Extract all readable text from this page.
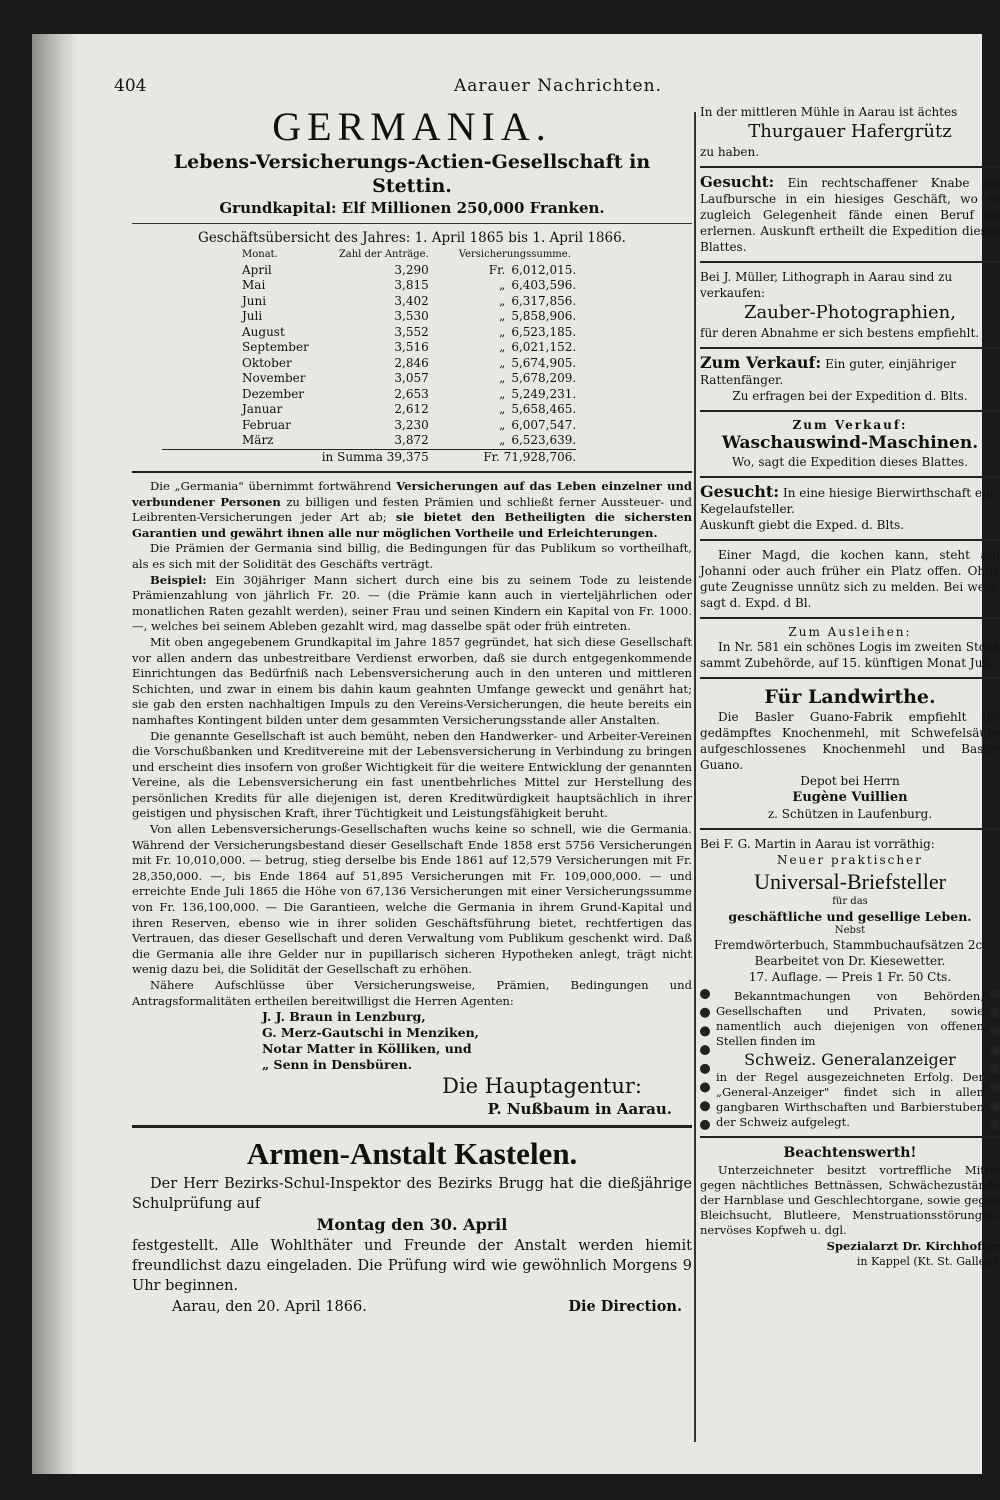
404	Aarauer Nachrichten.
GERMANIA.
Lebens-Versicherungs-Actien-Gesellschaft in Stettin.
Grundkapital: Elf Millionen 250,000 Franken.
Geschäftsübersicht des Jahres: 1. April 1865 bis 1. April 1866.
Monat.	Zahl der Anträge.	Versicherungssumme.	
April	3,290	Fr.	6,012,015.
Mai	3,815	„	6,403,596.
Juni	3,402	„	6,317,856.
Juli	3,530	„	5,858,906.
August	3,552	„	6,523,185.
September	3,516	„	6,021,152.
Oktober	2,846	„	5,674,905.
November	3,057	„	5,678,209.
Dezember	2,653	„	5,249,231.
Januar	2,612	„	5,658,465.
Februar	3,230	„	6,007,547.
März	3,872	„	6,523,639.
in Summa 39,375		Fr. 71,928,706.	

Die „Germania" übernimmt fortwährend Versicherungen auf das Leben einzelner und verbundener Personen zu billigen und festen Prämien und schließt ferner Aussteuer- und Leibrenten-Versicherungen jeder Art ab; sie bietet den Betheiligten die sichersten Garantien und gewährt ihnen alle nur möglichen Vortheile und Erleichterungen.

Die Prämien der Germania sind billig, die Bedingungen für das Publikum so vortheilhaft, als es sich mit der Solidität des Geschäfts verträgt.

Beispiel: Ein 30jähriger Mann sichert durch eine bis zu seinem Tode zu leistende Prämienzahlung von jährlich Fr. 20. — (die Prämie kann auch in vierteljährlichen oder monatlichen Raten gezahlt werden), seiner Frau und seinen Kindern ein Kapital von Fr. 1000. —, welches bei seinem Ableben gezahlt wird, mag dasselbe spät oder früh eintreten.

Mit oben angegebenem Grundkapital im Jahre 1857 gegründet, hat sich diese Gesellschaft vor allen andern das unbestreitbare Verdienst erworben, daß sie durch entgegenkommende Einrichtungen das Bedürfniß nach Lebensversicherung auch in den unteren und mittleren Schichten, und zwar in einem bis dahin kaum geahnten Umfange geweckt und genährt hat; sie gab den ersten nachhaltigen Impuls zu den Vereins-Versicherungen, die heute bereits ein namhaftes Kontingent bilden unter dem gesammten Versicherungsstande aller Anstalten.

Die genannte Gesellschaft ist auch bemüht, neben den Handwerker- und Arbeiter-Vereinen die Vorschußbanken und Kreditvereine mit der Lebensversicherung in Verbindung zu bringen und erscheint dies insofern von großer Wichtigkeit für die weitere Entwicklung der genannten Vereine, als die Lebensversicherung ein fast unentbehrliches Mittel zur Herstellung des persönlichen Kredits für alle diejenigen ist, deren Kreditwürdigkeit hauptsächlich in ihrer geistigen und physischen Kraft, ihrer Tüchtigkeit und Leistungsfähigkeit beruht.

Von allen Lebensversicherungs-Gesellschaften wuchs keine so schnell, wie die Germania. Während der Versicherungsbestand dieser Gesellschaft Ende 1858 erst 5756 Versicherungen mit Fr. 10,010,000. — betrug, stieg derselbe bis Ende 1861 auf 12,579 Versicherungen mit Fr. 28,350,000. —, bis Ende 1864 auf 51,895 Versicherungen mit Fr. 109,000,000. — und erreichte Ende Juli 1865 die Höhe von 67,136 Versicherungen mit einer Versicherungssumme von Fr. 136,100,000. — Die Garantieen, welche die Germania in ihrem Grund-Kapital und ihren Reserven, ebenso wie in ihrer soliden Geschäftsführung bietet, rechtfertigen das Vertrauen, das dieser Gesellschaft und deren Verwaltung vom Publikum geschenkt wird. Daß die Germania alle ihre Gelder nur in pupillarisch sicheren Hypotheken anlegt, trägt nicht wenig dazu bei, die Solidität der Gesellschaft zu erhöhen.

Nähere Aufschlüsse über Versicherungsweise, Prämien, Bedingungen und Antragsformalitäten ertheilen bereitwilligst die Herren Agenten:

J. J. Braun in Lenzburg,
G. Merz-Gautschi in Menziken,
Notar Matter in Kölliken, und
„ Senn in Densbüren.
Die Hauptagentur:
P. Nußbaum in Aarau.
Armen-Anstalt Kastelen.

Der Herr Bezirks-Schul-Inspektor des Bezirks Brugg hat die dießjährige Schulprüfung auf

Montag den 30. April

festgestellt. Alle Wohlthäter und Freunde der Anstalt werden hiemit freundlichst dazu eingeladen. Die Prüfung wird wie gewöhnlich Morgens 9 Uhr beginnen.

Aarau, den 20. April 1866.	Die Direction.

In der mittleren Mühle in Aarau ist ächtes

Thurgauer Hafergrütz

zu haben.

Gesucht: Ein rechtschaffener Knabe als Laufbursche in ein hiesiges Geschäft, wo er zugleich Gelegenheit fände einen Beruf zu erlernen. Auskunft ertheilt die Expedition dieses Blattes.

Bei J. Müller, Lithograph in Aarau sind zu verkaufen:

Zauber-Photographien,

für deren Abnahme er sich bestens empfiehlt.

Zum Verkauf: Ein guter, einjähriger Rattenfänger.

Zu erfragen bei der Expedition d. Blts.

Zum Verkauf:
Waschauswind-Maschinen.

Wo, sagt die Expedition dieses Blattes.

Gesucht: In eine hiesige Bierwirthschaft ein Kegelaufsteller.

Auskunft giebt die Exped. d. Blts.

Einer Magd, die kochen kann, steht auf Johanni oder auch früher ein Platz offen. Ohne gute Zeugnisse unnütz sich zu melden. Bei wem, sagt d. Expd. d Bl.

Zum Ausleihen:

In Nr. 581 ein schönes Logis im zweiten Stock sammt Zubehörde, auf 15. künftigen Monat Juli.

Für Landwirthe.

Die Basler Guano-Fabrik empfiehlt ihr gedämpftes Knochenmehl, mit Schwefelsäure aufgeschlossenes Knochenmehl und Basler Guano.

Depot bei Herrn

Eugène Vuillien

z. Schützen in Laufenburg.

Bei F. G. Martin in Aarau ist vorräthig:

Neuer praktischer

Universal-Briefsteller

für das

geschäftliche und gesellige Leben.

Nebst

Fremdwörterbuch, Stammbuchaufsätzen 2c.

Bearbeitet von Dr. Kiesewetter.

17. Auflage. — Preis 1 Fr. 50 Cts.

Bekanntmachungen von Behörden, Gesellschaften und Privaten, sowie namentlich auch diejenigen von offenen Stellen finden im

Schweiz. Generalanzeiger

in der Regel ausgezeichneten Erfolg. Der „General-Anzeiger" findet sich in allen gangbaren Wirthschaften und Barbierstuben der Schweiz aufgelegt.

Beachtenswerth!

Unterzeichneter besitzt vortreffliche Mittel gegen nächtliches Bettnässen, Schwächezustände der Harnblase und Geschlechtorgane, sowie gegen Bleichsucht, Blutleere, Menstruationsstörungen, nervöses Kopfweh u. dgl.

Spezialarzt Dr. Kirchhoffer

in Kappel (Kt. St. Gallen).
